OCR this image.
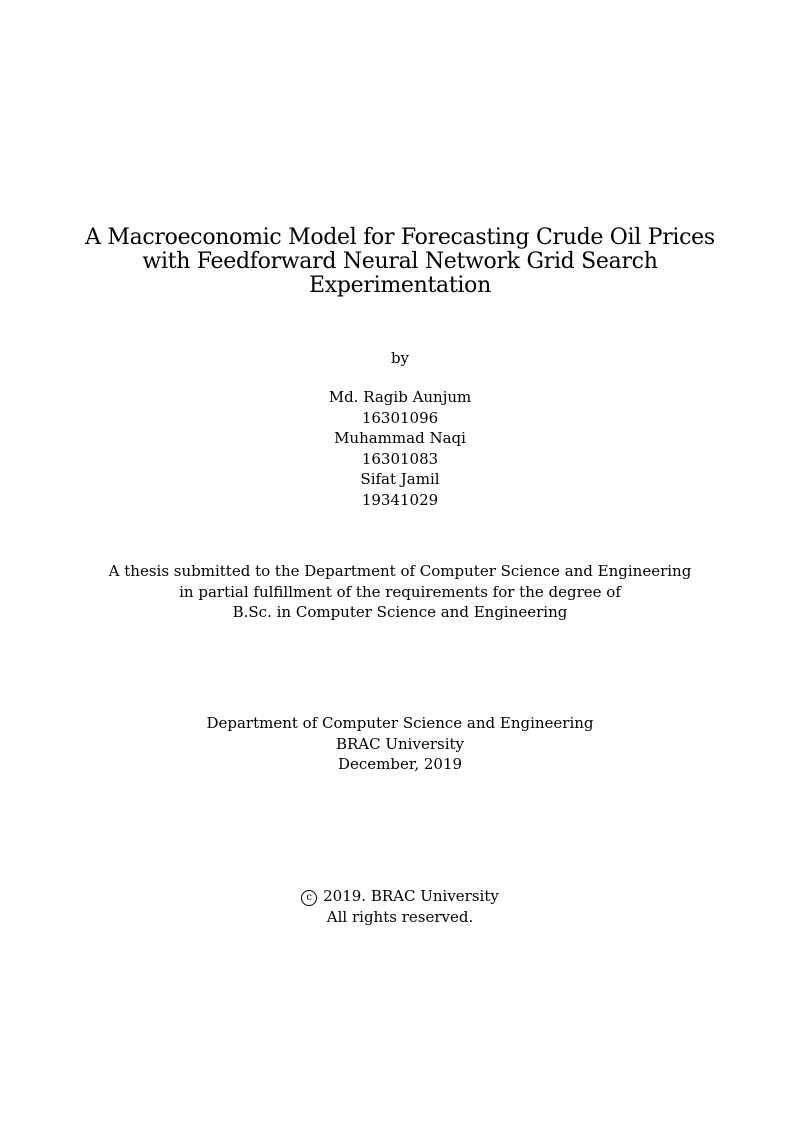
A Macroeconomic Model for Forecasting Crude Oil Prices
with Feedforward Neural Network Grid Search
Experimentation
by
Md. Ragib Aunjum
16301096
Muhammad Naqi
16301083
Sifat Jamil
19341029
A thesis submitted to the Department of Computer Science and Engineering
in partial fulfillment of the requirements for the degree of
B.Sc. in Computer Science and Engineering
Department of Computer Science and Engineering
BRAC University
December, 2019
c 2019. BRAC University
All rights reserved.
